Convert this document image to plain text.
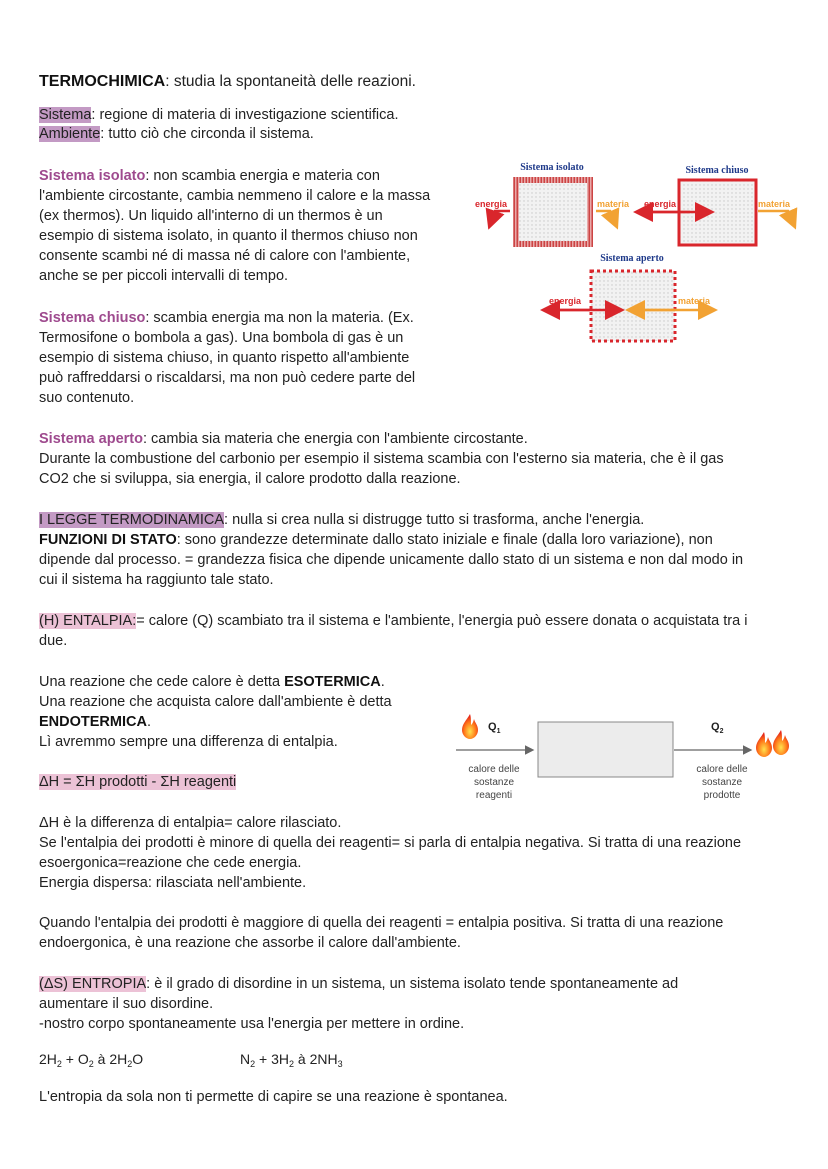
TERMOCHIMICA: studia la spontaneità delle reazioni.

Sistema: regione di materia di investigazione scientifica.

Ambiente: tutto ciò che circonda il sistema.

Sistema isolato: non scambia energia e materia con

l'ambiente circostante, cambia nemmeno il calore e la massa

(ex thermos). Un liquido all'interno di un thermos è un

esempio di sistema isolato, in quanto il thermos chiuso non

consente scambi né di massa né di calore con l'ambiente,

anche se per piccoli intervalli di tempo.

Sistema chiuso: scambia energia ma non la materia. (Ex.

Termosifone o bombola a gas). Una bombola di gas è un

esempio di sistema chiuso, in quanto rispetto all'ambiente

può raffreddarsi o riscaldarsi, ma non può cedere parte del

suo contenuto.

Sistema aperto: cambia sia materia che energia con l'ambiente circostante.

Durante la combustione del carbonio per esempio il sistema scambia con l'esterno sia materia, che è il gas

CO2 che si sviluppa, sia energia, il calore prodotto dalla reazione.

I LEGGE TERMODINAMICA: nulla si crea nulla si distrugge tutto si trasforma, anche l'energia.

FUNZIONI DI STATO: sono grandezze determinate dallo stato iniziale e finale (dalla loro variazione), non

dipende dal processo. = grandezza fisica che dipende unicamente dallo stato di un sistema e non dal modo in

cui il sistema ha raggiunto tale stato.

(H) ENTALPIA:= calore (Q) scambiato tra il sistema e l'ambiente, l'energia può essere donata o acquistata tra i

due.

Una reazione che cede calore è detta ESOTERMICA.

Una reazione che acquista calore dall'ambiente è detta

ENDOTERMICA.

Lì avremmo sempre una differenza di entalpia.

ΔH = ΣH prodotti - ΣH reagenti

ΔH è la differenza di entalpia= calore rilasciato.

Se l'entalpia dei prodotti è minore di quella dei reagenti= si parla di entalpia negativa. Si tratta di una reazione

esoergonica=reazione che cede energia.

Energia dispersa: rilasciata nell'ambiente.

Quando l'entalpia dei prodotti è maggiore di quella dei reagenti = entalpia positiva. Si tratta di una reazione

endoergonica, è una reazione che assorbe il calore dall'ambiente.

(ΔS) ENTROPIA: è il grado di disordine in un sistema, un sistema isolato tende spontaneamente ad

aumentare il suo disordine.

-nostro corpo spontaneamente usa l'energia per mettere in ordine.

$2H_2 + O_2$ à $2H_2O$	$N_2 + 3H_2$ à $2NH_3$

L'entropia da sola non ti permette di capire se una reazione è spontanea.

Sistema isolato
energia	materia
Sistema chiuso
energia	materia
Sistema aperto
energia	materia
$Q_1$	$Q_2$
calore delle
sostanze
reagenti
calore delle
sostanze
prodotte
